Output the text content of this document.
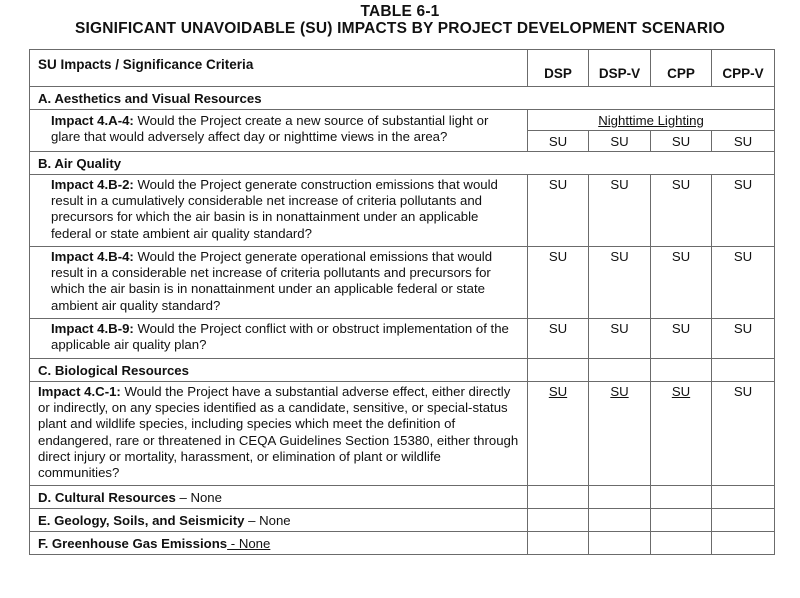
TABLE 6-1
SIGNIFICANT UNAVOIDABLE (SU) IMPACTS BY PROJECT DEVELOPMENT SCENARIO
SU Impacts / Significance Criteria	DSP	DSP-V	CPP	CPP-V
A. Aesthetics and Visual Resources				
Impact 4.A-4: Would the Project create a new source of substantial light or glare that would adversely affect day or nighttime views in the area?	Nighttime Lighting			
	SU	SU	SU	SU
B. Air Quality				
Impact 4.B-2: Would the Project generate construction emissions that would result in a cumulatively considerable net increase of criteria pollutants and precursors for which the air basin is in nonattainment under an applicable federal or state ambient air quality standard?	SU	SU	SU	SU
Impact 4.B-4: Would the Project generate operational emissions that would result in a considerable net increase of criteria pollutants and precursors for which the air basin is in nonattainment under an applicable federal or state ambient air quality standard?	SU	SU	SU	SU
Impact 4.B-9: Would the Project conflict with or obstruct implementation of the applicable air quality plan?	SU	SU	SU	SU
C. Biological Resources				
Impact 4.C-1: Would the Project have a substantial adverse effect, either directly or indirectly, on any species identified as a candidate, sensitive, or special-status plant and wildlife species, including species which meet the definition of endangered, rare or threatened in CEQA Guidelines Section 15380, either through direct injury or mortality, harassment, or elimination of plant or wildlife communities?	SU	SU	SU	SU
D. Cultural Resources – None				
E. Geology, Soils, and Seismicity – None				
F. Greenhouse Gas Emissions - None				
